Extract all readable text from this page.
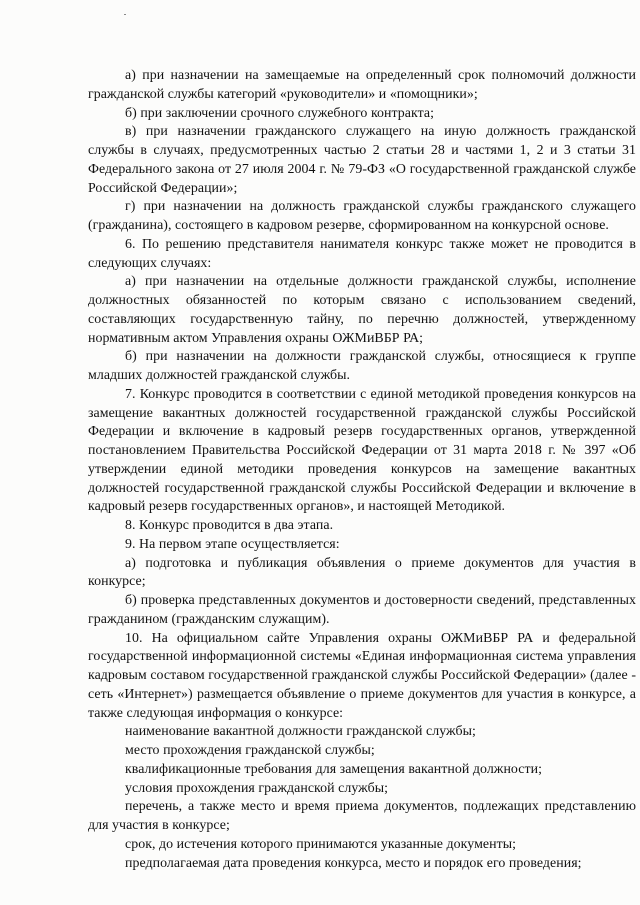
а) при назначении на замещаемые на определенный срок полномочий должности гражданской службы категорий «руководители» и «помощники»;

б) при заключении срочного служебного контракта;

в) при назначении гражданского служащего на иную должность гражданской службы в случаях, предусмотренных частью 2 статьи 28 и частями 1, 2 и 3 статьи 31 Федерального закона от 27 июля 2004 г. № 79-ФЗ «О государственной гражданской службе Российской Федерации»;

г) при назначении на должность гражданской службы гражданского служащего (гражданина), состоящего в кадровом резерве, сформированном на конкурсной основе.

6. По решению представителя нанимателя конкурс также может не проводится в следующих случаях:

а) при назначении на отдельные должности гражданской службы, исполнение должностных обязанностей по которым связано с использованием сведений, составляющих государственную тайну, по перечню должностей, утвержденному нормативным актом Управления охраны ОЖМиВБР РА;

б) при назначении на должности гражданской службы, относящиеся к группе младших должностей гражданской службы.

7. Конкурс проводится в соответствии с единой методикой проведения конкурсов на замещение вакантных должностей государственной гражданской службы Российской Федерации и включение в кадровый резерв государственных органов, утвержденной постановлением Правительства Российской Федерации от 31 марта 2018 г. № 397 «Об утверждении единой методики проведения конкурсов на замещение вакантных должностей государственной гражданской службы Российской Федерации и включение в кадровый резерв государственных органов», и настоящей Методикой.

8. Конкурс проводится в два этапа.

9. На первом этапе осуществляется:

а) подготовка и публикация объявления о приеме документов для участия в конкурсе;

б) проверка представленных документов и достоверности сведений, представленных гражданином (гражданским служащим).

10. На официальном сайте Управления охраны ОЖМиВБР РА и федеральной государственной информационной системы «Единая информационная система управления кадровым составом государственной гражданской службы Российской Федерации» (далее - сеть «Интернет») размещается объявление о приеме документов для участия в конкурсе, а также следующая информация о конкурсе:

наименование вакантной должности гражданской службы;

место прохождения гражданской службы;

квалификационные требования для замещения вакантной должности;

условия прохождения гражданской службы;

перечень, а также место и время приема документов, подлежащих представлению для участия в конкурсе;

срок, до истечения которого принимаются указанные документы;

предполагаемая дата проведения конкурса, место и порядок его проведения;
